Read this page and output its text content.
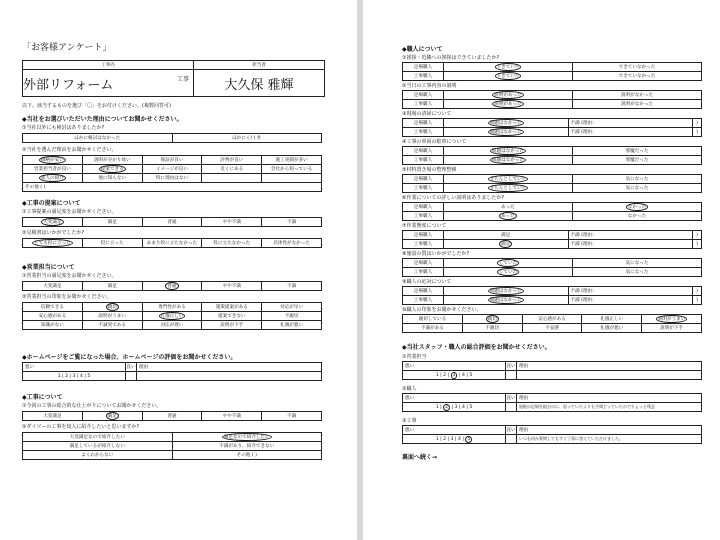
「お客様アンケート」
工事名	担当者
外部リフォーム 工事	大久保 雅輝
以下、該当するものを選び「〇」をお付けください。(複数回答可)
◆当社をお選びいただいた理由についてお聞かせください。
①当社以外にも検討はありましたか?
ほかに検討はなかった	ほかに ( / ) 社
②当社を選んだ理由をお聞かせください。
価格が安い	説明が分かり易い	保証が良い	評判が良い	施工実績が多い
営業担当者が良い	提案できる	イメージが良い	近くにある	会社から知っている
知人の紹介	他に知らない	特に理由はない		
その他 ( )				
◆工事の提案について
①工事提案の満足度をお聞かせください。
大変満足	満足	普通	やや不満	不満
②見積書はいかがでしたか?
とても役に立った	役に立った	あまり役に立たなかった	役に立たなかった	具体性がなかった
◆営業担当について
①営業担当の満足度をお聞かせください。
大変満足	満足	普通	やや不満	不満
②営業担当の印象をお聞かせください。
信頼できる	親切	専門性がある	施策提案がある	対応が早い
安心感がある	説明がうまい	礼儀正しい	提案できない	不親切
知識がない	不誠実である	対応が遅い	説明が下手	礼儀が悪い
◆ホームページをご覧になった場合、ホームページの評価をお聞かせください。
悪い		良い	理由
1 | 2 | 3 | 4 | 5			
◆工事について
①今回の工事の総合的な仕上がりについてお聞かせください。
大変満足	満足	普通	やや不満	不満
②ダイソーの工事を知人に紹介したいと思いますか?
大変満足なので紹介したい	満足なので紹介したい
満足しているが紹介しない	不満があり、紹介できない
よくわからない	その他 ( )
◆職人について
①挨拶・近隣への挨拶はできていましたか?
足場職人	できていた	できていなかった
工事職人	できていた	できていなかった
②当日の工事内容の説明
足場職人	説明があった	説明がなかった
工事職人	説明があった	説明がなかった
③現場の清掃について
足場職人	問題はなかった	不満 (理由:	)
工事職人	問題はなかった	不満 (理由:	)
④工事の車両の駐車について
足場職人	問題はなかった	邪魔だった
工事職人	問題はなかった	邪魔だった
⑤材料置き場の整理整頓
足場職人	きちんとしていた	気になった
工事職人	きちんとしていた	気になった
⑥作業についての詳しい説明はありましたか?
足場職人	あった	なかった
工事職人	あった	なかった
⑦作業態度について
足場職人	満足	不満 (理由:	)
工事職人	満足	不満 (理由:	)
⑧施設の質はいかがでしたか?
足場職人	していた	気になった
工事職人	していた	気になった
⑨職人の応対について
足場職人	問題はなかった	不満 (理由:	)
工事職人	問題はなかった	不満 (理由:	)
⑩職人の印象をお聞かせください。
親切している	親切	安心感がある	礼儀正しい	説明がうまい
不満がある	不親切	不安感	礼儀が悪い	説明が下手
◆当社スタッフ・職人の総合評価をお聞かせください。
①営業担当
悪い		良い	理由
1 | 2 | 3 | 4 | 5			
②職人
悪い		良い	理由
1 | 2 | 3 | 4 | 5			屋根の足場を組むのに、思っていたよりも手間どっていたのでちょっと残念
③工事
悪い		良い	理由
1 | 2 | 3 | 4 | 5			いつも何か質問してもすぐ丁寧に答えていただけました。
裏面へ続く→
